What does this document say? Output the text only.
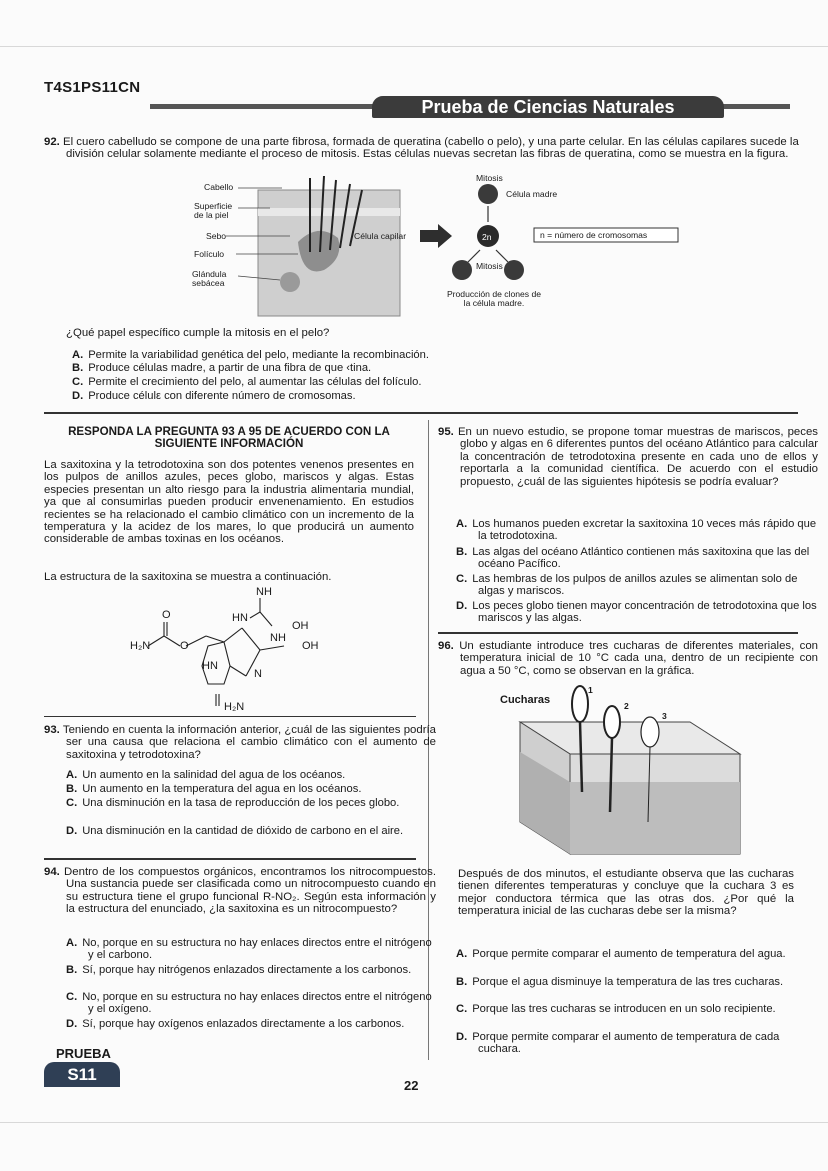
T4S1PS11CN
Prueba de Ciencias Naturales
92. El cuero cabelludo se compone de una parte fibrosa, formada de queratina (cabello o pelo), y una parte celular. En las células capilares sucede la división celular solamente mediante el proceso de mitosis. Estas células nuevas secretan las fibras de queratina, como se muestra en la figura.
Cabello
Superficie de la piel
Sebo
Folículo
Glándula sebácea
Célula capilar
Mitosis
Célula madre
2n	n = número de cromosomas
Mitosis
Producción de clones de la célula madre.
¿Qué papel específico cumple la mitosis en el pelo?
A. Permite la variabilidad genética del pelo, mediante la recombinación.
B. Produce células madre, a partir de una fibra de que ‹tina.
C. Permite el crecimiento del pelo, al aumentar las células del folículo.
D. Produce célulε con diferente número de cromosomas.
RESPONDA LA PREGUNTA 93 A 95 DE ACUERDO CON LA SIGUIENTE INFORMACIÓN
La saxitoxina y la tetrodotoxina son dos potentes venenos presentes en los pulpos de anillos azules, peces globo, mariscos y algas. Estas especies presentan un alto riesgo para la industria alimentaria mundial, ya que al consumirlas pueden producir envenenamiento. En estudios recientes se ha relacionado el cambio climático con un incremento de la temperatura y la acidez de los mares, lo que producirá un aumento considerable de ambas toxinas en los océanos.
La estructura de la saxitoxina se muestra a continuación.
NH
O
H₂N	O
HN
NH
OH
OH
HN
N
H₂N
93. Teniendo en cuenta la información anterior, ¿cuál de las siguientes podría ser una causa que relaciona el cambio climático con el aumento de saxitoxina y tetrodotoxina?
A. Un aumento en la salinidad del agua de los océanos.
B. Un aumento en la temperatura del agua en los océanos.
C. Una disminución en la tasa de reproducción de los peces globo.
D. Una disminución en la cantidad de dióxido de carbono en el aire.
94. Dentro de los compuestos orgánicos, encontramos los nitrocompuestos. Una sustancia puede ser clasificada como un nitrocompuesto cuando en su estructura tiene el grupo funcional R-NO₂. Según esta información y la estructura del enunciado, ¿la saxitoxina es un nitrocompuesto?
A. No, porque en su estructura no hay enlaces directos entre el nitrógeno y el carbono.
B. Sí, porque hay nitrógenos enlazados directamente a los carbonos.
C. No, porque en su estructura no hay enlaces directos entre el nitrógeno y el oxígeno.
D. Sí, porque hay oxígenos enlazados directamente a los carbonos.
95. En un nuevo estudio, se propone tomar muestras de mariscos, peces globo y algas en 6 diferentes puntos del océano Atlántico para calcular la concentración de tetrodotoxina presente en cada uno de ellos y reportarla a la comunidad científica. De acuerdo con el estudio propuesto, ¿cuál de las siguientes hipótesis se podría evaluar?
A. Los humanos pueden excretar la saxitoxina 10 veces más rápido que la tetrodotoxina.
B. Las algas del océano Atlántico contienen más saxitoxina que las del océano Pacífico.
C. Las hembras de los pulpos de anillos azules se alimentan solo de algas y mariscos.
D. Los peces globo tienen mayor concentración de tetrodotoxina que los mariscos y las algas.
96. Un estudiante introduce tres cucharas de diferentes materiales, con temperatura inicial de 10 °C cada una, dentro de un recipiente con agua a 50 °C, como se observan en la gráfica.
Cucharas
1
2
3
Después de dos minutos, el estudiante observa que las cucharas tienen diferentes temperaturas y concluye que la cuchara 3 es mejor conductora térmica que las otras dos. ¿Por qué la temperatura inicial de las cucharas debe ser la misma?
A. Porque permite comparar el aumento de temperatura del agua.
B. Porque el agua disminuye la temperatura de las tres cucharas.
C. Porque las tres cucharas se introducen en un solo recipiente.
D. Porque permite comparar el aumento de temperatura de cada cuchara.
PRUEBA
S11
22
